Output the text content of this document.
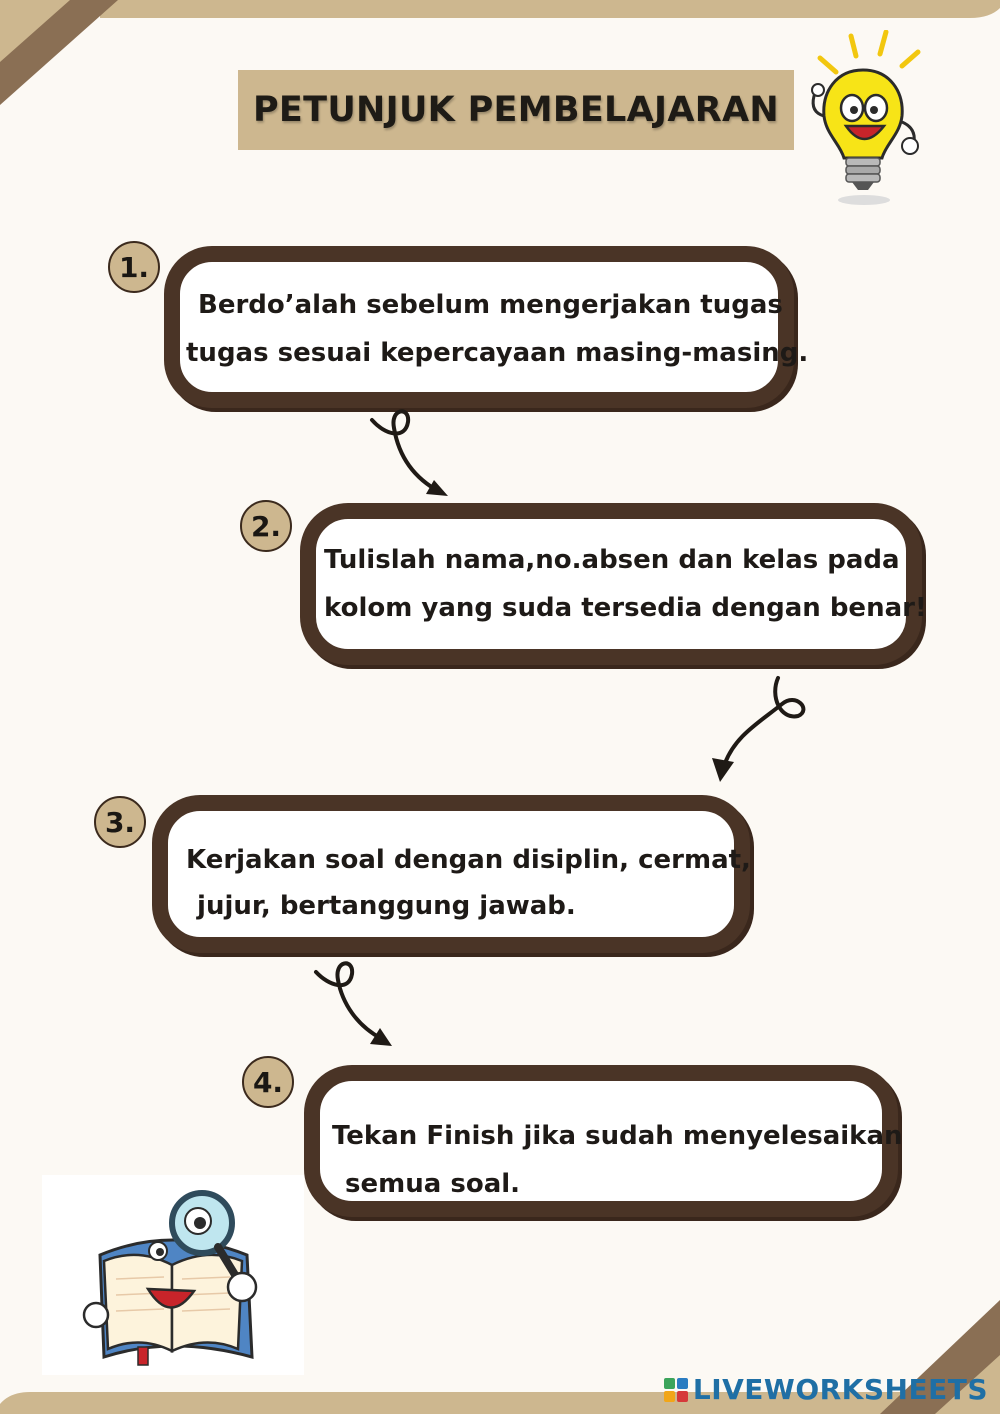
PETUNJUK PEMBELAJARAN
1.
Berdo’alah sebelum mengerjakan tugas
tugas sesuai kepercayaan masing-masing.
2.
Tulislah nama,no.absen dan kelas pada
kolom yang suda tersedia dengan benar!
3.
Kerjakan soal dengan disiplin, cermat,
jujur, bertanggung jawab.
4.
Tekan Finish jika sudah menyelesaikan
semua soal.
LIVEWORKSHEETS
